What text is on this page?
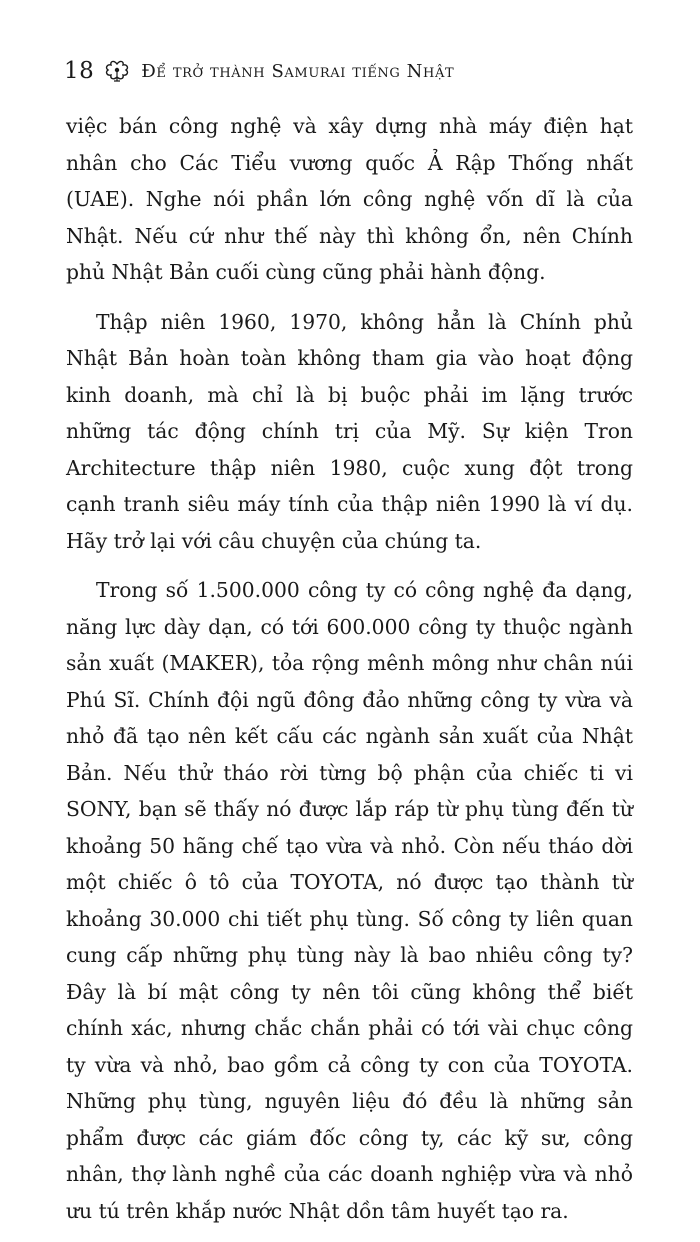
18	Để trở thành Samurai tiếng Nhật

việc bán công nghệ và xây dựng nhà máy điện hạt nhân cho Các Tiểu vương quốc Ả Rập Thống nhất (UAE). Nghe nói phần lớn công nghệ vốn dĩ là của Nhật. Nếu cứ như thế này thì không ổn, nên Chính phủ Nhật Bản cuối cùng cũng phải hành động.

Thập niên 1960, 1970, không hẳn là Chính phủ Nhật Bản hoàn toàn không tham gia vào hoạt động kinh doanh, mà chỉ là bị buộc phải im lặng trước những tác động chính trị của Mỹ. Sự kiện Tron Architecture thập niên 1980, cuộc xung đột trong cạnh tranh siêu máy tính của thập niên 1990 là ví dụ. Hãy trở lại với câu chuyện của chúng ta.

Trong số 1.500.000 công ty có công nghệ đa dạng, năng lực dày dạn, có tới 600.000 công ty thuộc ngành sản xuất (MAKER), tỏa rộng mênh mông như chân núi Phú Sĩ. Chính đội ngũ đông đảo những công ty vừa và nhỏ đã tạo nên kết cấu các ngành sản xuất của Nhật Bản. Nếu thử tháo rời từng bộ phận của chiếc ti vi SONY, bạn sẽ thấy nó được lắp ráp từ phụ tùng đến từ khoảng 50 hãng chế tạo vừa và nhỏ. Còn nếu tháo dời một chiếc ô tô của TOYOTA, nó được tạo thành từ khoảng 30.000 chi tiết phụ tùng. Số công ty liên quan cung cấp những phụ tùng này là bao nhiêu công ty? Đây là bí mật công ty nên tôi cũng không thể biết chính xác, nhưng chắc chắn phải có tới vài chục công ty vừa và nhỏ, bao gồm cả công ty con của TOYOTA. Những phụ tùng, nguyên liệu đó đều là những sản phẩm được các giám đốc công ty, các kỹ sư, công nhân, thợ lành nghề của các doanh nghiệp vừa và nhỏ ưu tú trên khắp nước Nhật dồn tâm huyết tạo ra.
